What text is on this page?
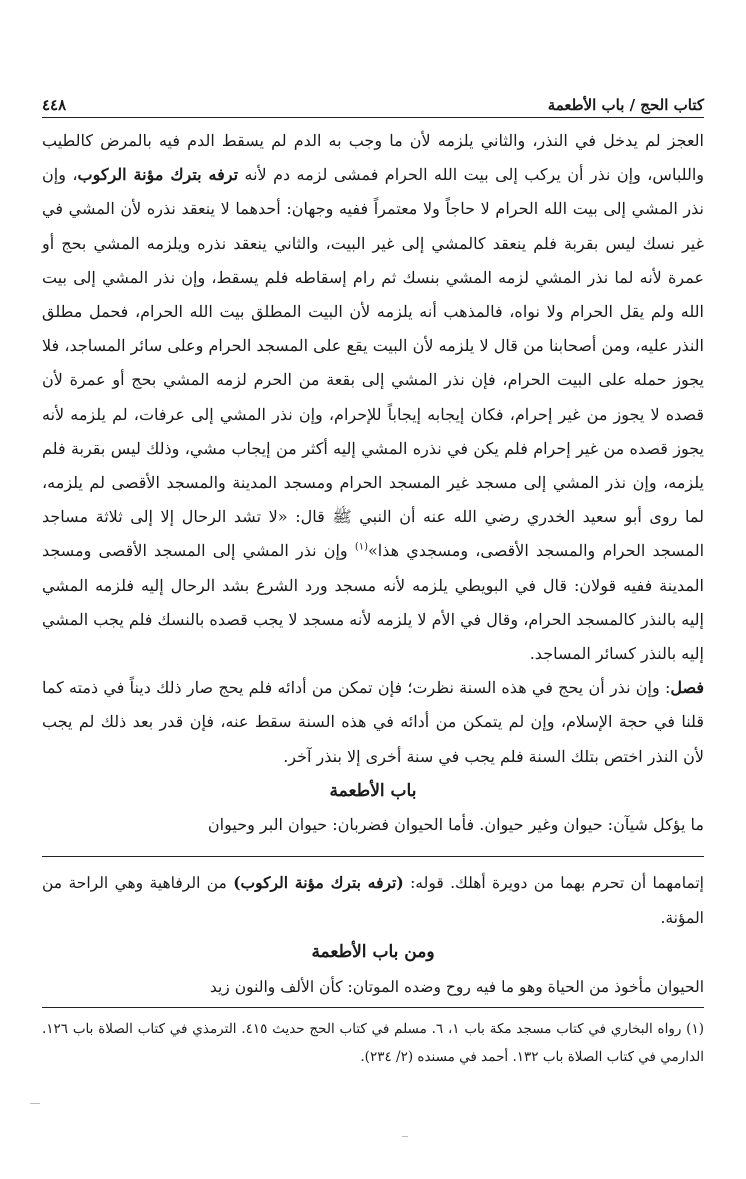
كتاب الحج / باب الأطعمة
٤٤٨

العجز لم يدخل في النذر، والثاني يلزمه لأن ما وجب به الدم لم يسقط الدم فيه بالمرض كالطيب واللباس، وإن نذر أن يركب إلى بيت الله الحرام فمشى لزمه دم لأنه ترفه بترك مؤنة الركوب، وإن نذر المشي إلى بيت الله الحرام لا حاجاً ولا معتمراً ففيه وجهان: أحدهما لا ينعقد نذره لأن المشي في غير نسك ليس بقربة فلم ينعقد كالمشي إلى غير البيت، والثاني ينعقد نذره ويلزمه المشي بحج أو عمرة لأنه لما نذر المشي لزمه المشي بنسك ثم رام إسقاطه فلم يسقط، وإن نذر المشي إلى بيت الله ولم يقل الحرام ولا نواه، فالمذهب أنه يلزمه لأن البيت المطلق بيت الله الحرام، فحمل مطلق النذر عليه، ومن أصحابنا من قال لا يلزمه لأن البيت يقع على المسجد الحرام وعلى سائر المساجد، فلا يجوز حمله على البيت الحرام، فإن نذر المشي إلى بقعة من الحرم لزمه المشي بحج أو عمرة لأن قصده لا يجوز من غير إحرام، فكان إيجابه إيجاباً للإحرام، وإن نذر المشي إلى عرفات، لم يلزمه لأنه يجوز قصده من غير إحرام فلم يكن في نذره المشي إليه أكثر من إيجاب مشي، وذلك ليس بقربة فلم يلزمه، وإن نذر المشي إلى مسجد غير المسجد الحرام ومسجد المدينة والمسجد الأقصى لم يلزمه، لما روى أبو سعيد الخدري رضي الله عنه أن النبي ﷺ قال: «لا تشد الرحال إلا إلى ثلاثة مساجد المسجد الحرام والمسجد الأقصى، ومسجدي هذا»$^{(١)}$ وإن نذر المشي إلى المسجد الأقصى ومسجد المدينة ففيه قولان: قال في البويطي يلزمه لأنه مسجد ورد الشرع بشد الرحال إليه فلزمه المشي إليه بالنذر كالمسجد الحرام، وقال في الأم لا يلزمه لأنه مسجد لا يجب قصده بالنسك فلم يجب المشي إليه بالنذر كسائر المساجد.

فصل: وإن نذر أن يحج في هذه السنة نظرت؛ فإن تمكن من أدائه فلم يحج صار ذلك ديناً في ذمته كما قلنا في حجة الإسلام، وإن لم يتمكن من أدائه في هذه السنة سقط عنه، فإن قدر بعد ذلك لم يجب لأن النذر اختص بتلك السنة فلم يجب في سنة أخرى إلا بنذر آخر.

باب الأطعمة

ما يؤكل شيآن: حيوان وغير حيوان. فأما الحيوان فضربان: حيوان البر وحيوان

إتمامهما أن تحرم بهما من دويرة أهلك. قوله: (ترفه بترك مؤنة الركوب) من الرفاهية وهي الراحة من المؤنة.

ومن باب الأطعمة

الحيوان مأخوذ من الحياة وهو ما فيه روح وضده الموتان: كأن الألف والنون زيد

(١) رواه البخاري في كتاب مسجد مكة باب ١، ٦. مسلم في كتاب الحج حديث ٤١٥. الترمذي في كتاب الصلاة باب ١٢٦. الدارمي في كتاب الصلاة باب ١٣٢. أحمد في مسنده (٢/ ٢٣٤).
